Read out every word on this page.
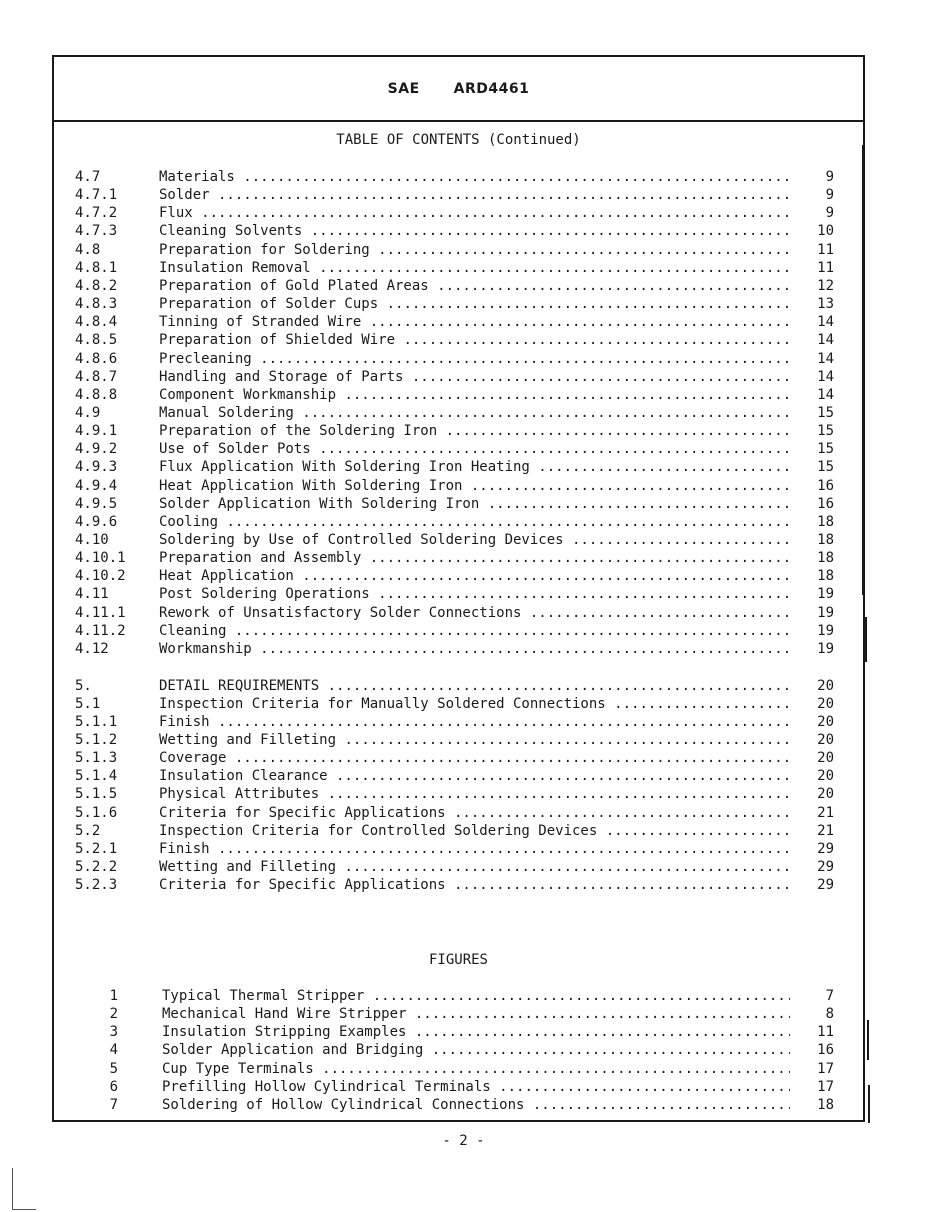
SAE ARD4461
TABLE OF CONTENTS (Continued)
4.7	Materials .....	9
4.7.1	Solder .....	9
4.7.2	Flux .....	9
4.7.3	Cleaning Solvents .....	10
4.8	Preparation for Soldering .....	11
4.8.1	Insulation Removal .....	11
4.8.2	Preparation of Gold Plated Areas .....	12
4.8.3	Preparation of Solder Cups .....	13
4.8.4	Tinning of Stranded Wire .....	14
4.8.5	Preparation of Shielded Wire .....	14
4.8.6	Precleaning .....	14
4.8.7	Handling and Storage of Parts .....	14
4.8.8	Component Workmanship .....	14
4.9	Manual Soldering .....	15
4.9.1	Preparation of the Soldering Iron .....	15
4.9.2	Use of Solder Pots .....	15
4.9.3	Flux Application With Soldering Iron Heating .....	15
4.9.4	Heat Application With Soldering Iron .....	16
4.9.5	Solder Application With Soldering Iron .....	16
4.9.6	Cooling .....	18
4.10	Soldering by Use of Controlled Soldering Devices .....	18
4.10.1 Preparation and Assembly .....	18
4.10.2 Heat Application .....	18
4.11	Post Soldering Operations .....	19
4.11.1 Rework of Unsatisfactory Solder Connections .....	19
4.11.2 Cleaning .....	19
4.12	Workmanship .....	19
5.	DETAIL REQUIREMENTS .....	20
5.1	Inspection Criteria for Manually Soldered Connections .....	20
5.1.1	Finish .....	20
5.1.2	Wetting and Filleting .....	20
5.1.3	Coverage .....	20
5.1.4	Insulation Clearance .....	20
5.1.5	Physical Attributes .....	20
5.1.6	Criteria for Specific Applications .....	21
5.2	Inspection Criteria for Controlled Soldering Devices .....	21
5.2.1	Finish .....	29
5.2.2	Wetting and Filleting .....	29
5.2.3	Criteria for Specific Applications .....	29
FIGURES
1	Typical Thermal Stripper .....	7
2	Mechanical Hand Wire Stripper .....	8
3	Insulation Stripping Examples .....	11
4	Solder Application and Bridging .....	16
5	Cup Type Terminals .....	17
6	Prefilling Hollow Cylindrical Terminals .....	17
7	Soldering of Hollow Cylindrical Connections .....	18
- 2 -
